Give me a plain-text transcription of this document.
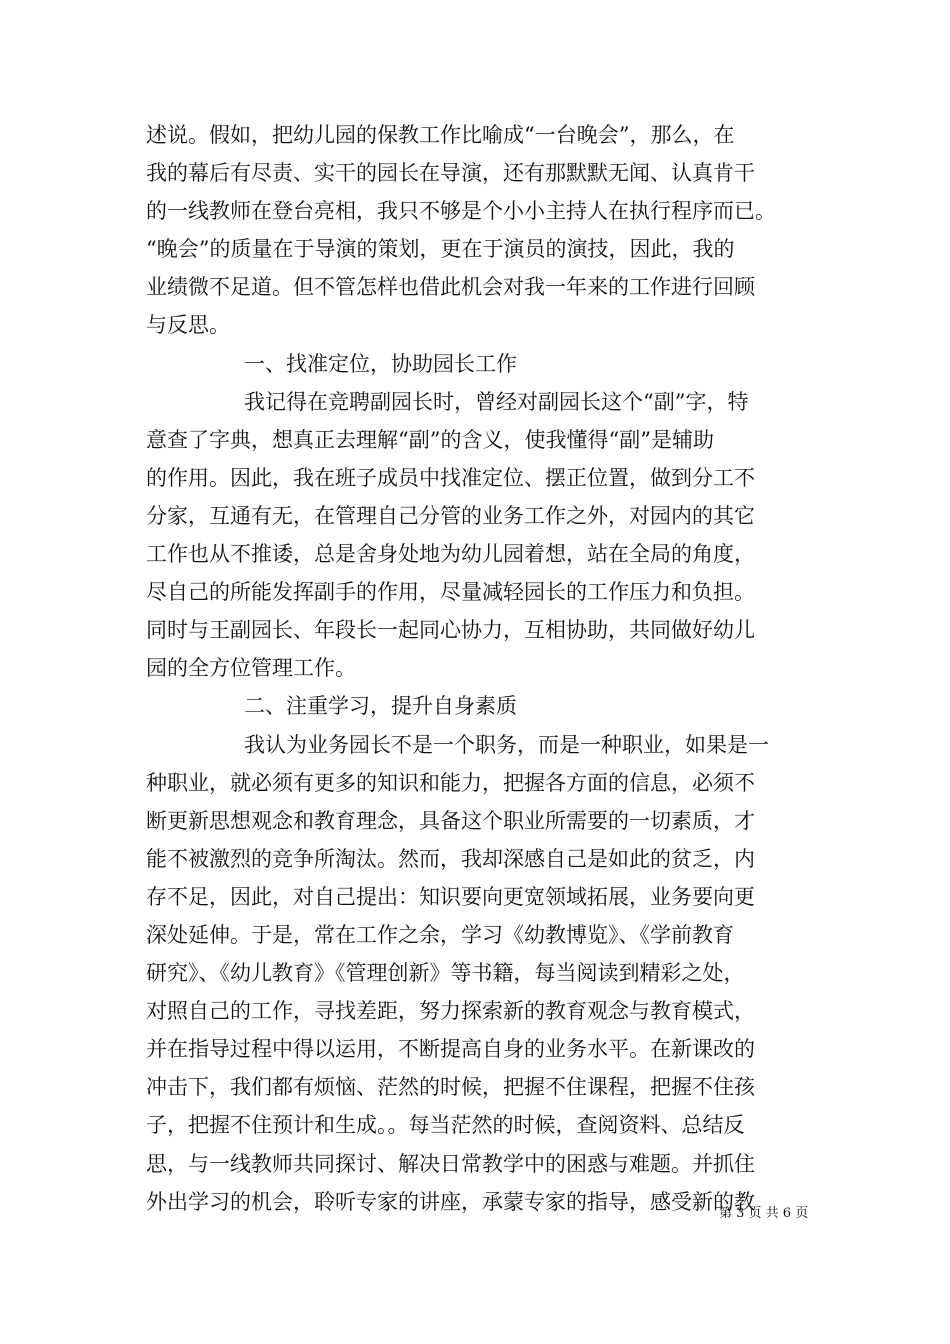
述说。假如，把幼儿园的保教工作比喻成“一台晚会”，那么，在
我的幕后有尽责、实干的园长在导演，还有那默默无闻、认真肯干
的一线教师在登台亮相，我只不够是个小小主持人在执行程序而已。
“晚会”的质量在于导演的策划，更在于演员的演技，因此，我的
业绩微不足道。但不管怎样也借此机会对我一年来的工作进行回顾
与反思。
一、找准定位，协助园长工作
我记得在竞聘副园长时，曾经对副园长这个“副”字，特
意查了字典，想真正去理解“副”的含义，使我懂得“副”是辅助
的作用。因此，我在班子成员中找准定位、摆正位置，做到分工不
分家，互通有无，在管理自己分管的业务工作之外，对园内的其它
工作也从不推诿，总是舍身处地为幼儿园着想，站在全局的角度，
尽自己的所能发挥副手的作用，尽量减轻园长的工作压力和负担。
同时与王副园长、年段长一起同心协力，互相协助，共同做好幼儿
园的全方位管理工作。
二、注重学习，提升自身素质
我认为业务园长不是一个职务，而是一种职业，如果是一
种职业，就必须有更多的知识和能力，把握各方面的信息，必须不
断更新思想观念和教育理念，具备这个职业所需要的一切素质，才
能不被激烈的竞争所淘汰。然而，我却深感自己是如此的贫乏，内
存不足，因此，对自己提出：知识要向更宽领域拓展，业务要向更
深处延伸。于是，常在工作之余，学习《幼教博览》、《学前教育
研究》、《幼儿教育》《管理创新》等书籍，每当阅读到精彩之处，
对照自己的工作，寻找差距，努力探索新的教育观念与教育模式，
并在指导过程中得以运用，不断提高自身的业务水平。在新课改的
冲击下，我们都有烦恼、茫然的时候，把握不住课程，把握不住孩
子，把握不住预计和生成。。每当茫然的时候，查阅资料、总结反
思，与一线教师共同探讨、解决日常教学中的困惑与难题。并抓住
外出学习的机会，聆听专家的讲座，承蒙专家的指导，感受新的教
第 3 页 共 6 页
